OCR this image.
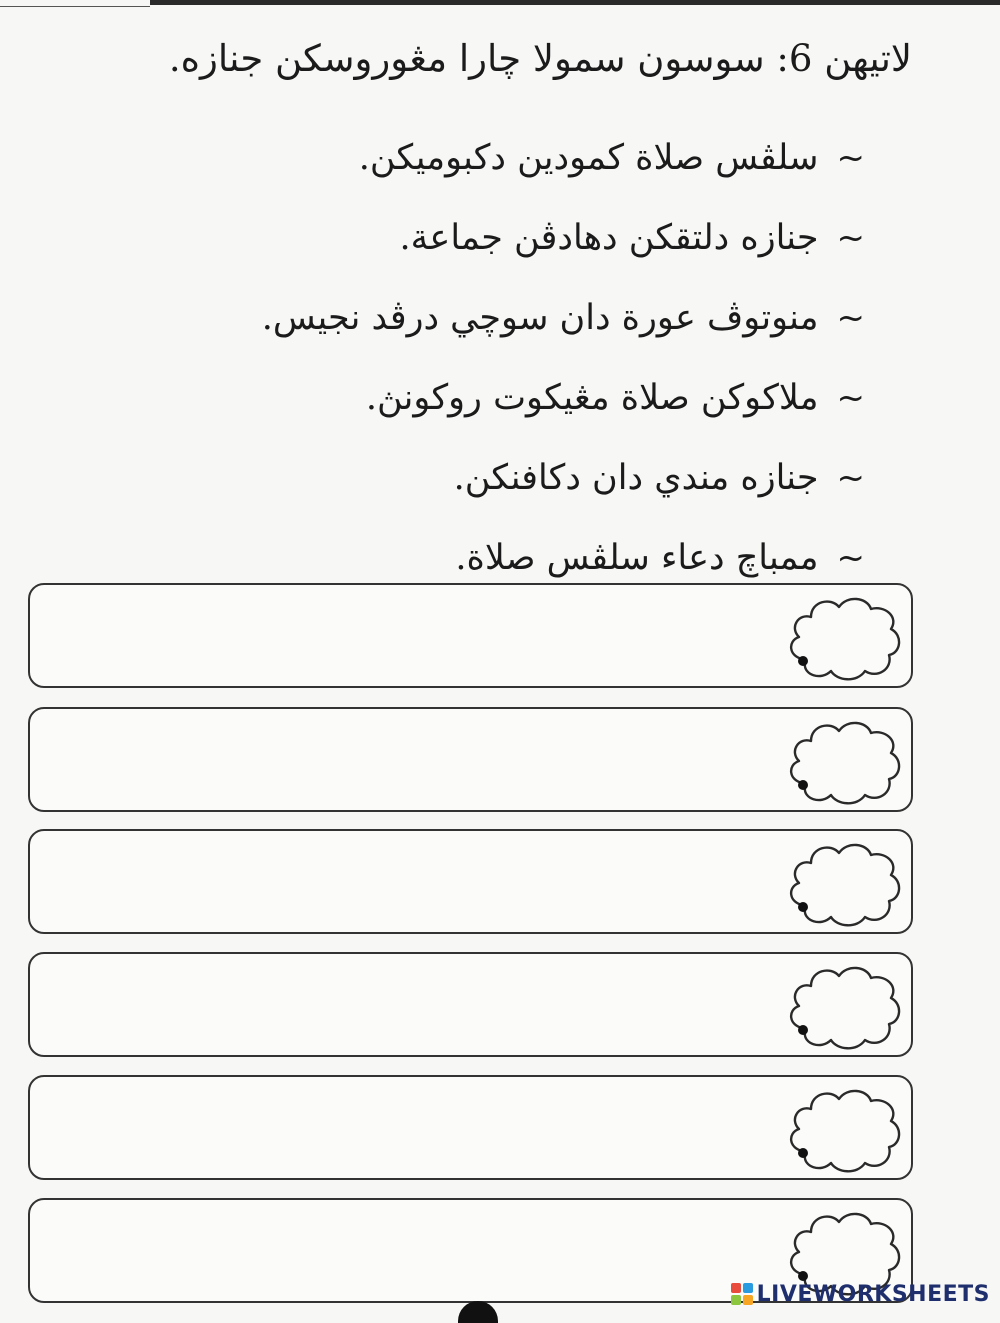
لاتيهن 6: سوسون سمولا چارا مڠوروسكن جنازه.
~
سلڤس صلاة كمودين دكبوميكن.
~
جنازه دلتقكن دهادڤن جماعة.
~
منوتوڤ عورة دان سوچي درڤد نجيس.
~
ملاكوكن صلاة مڠيكوت روكونڽ.
~
جنازه مندي دان دكافنكن.
~
ممباچ دعاء سلڤس صلاة.
LIVEWORKSHEETS
